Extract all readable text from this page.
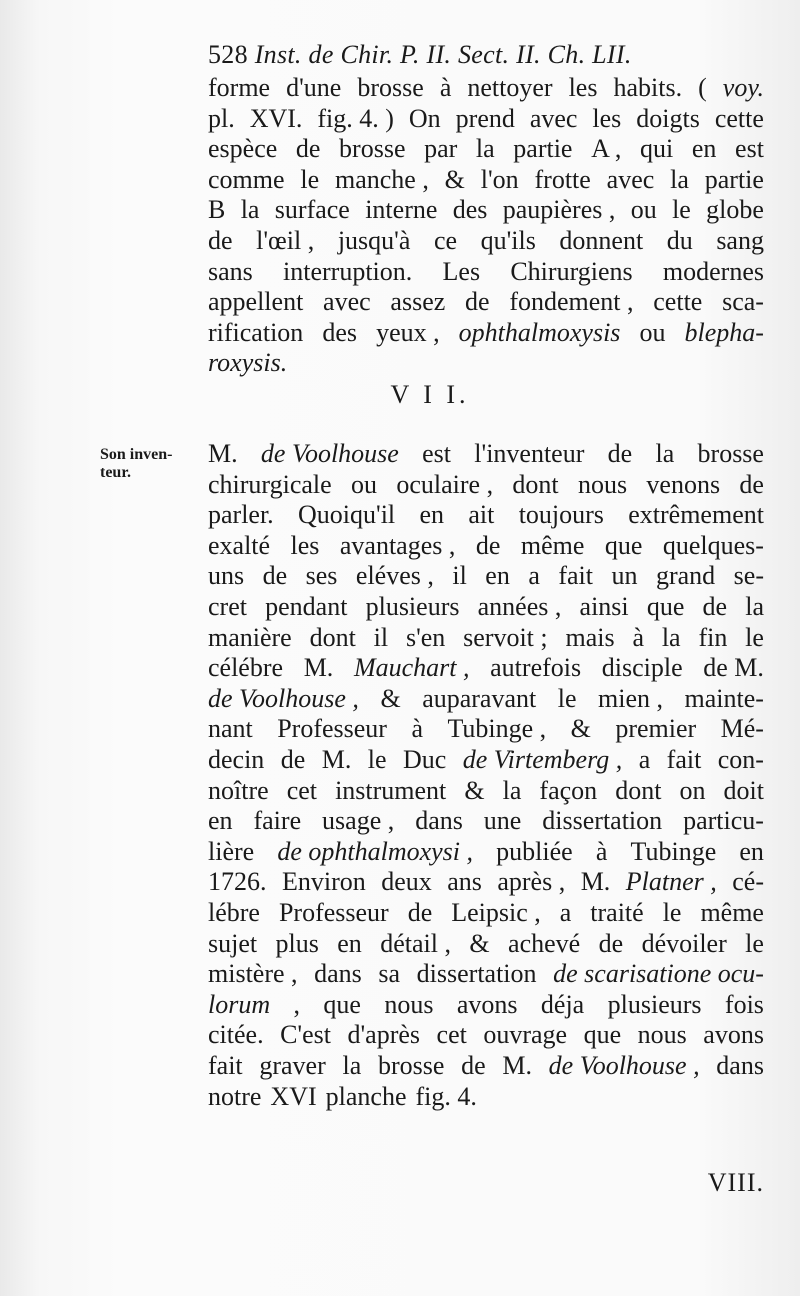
528 Inst. de Chir. P. II. Sect. II. Ch. LII.
forme d'une brosse à nettoyer les habits. ( voy.
pl. XVI. fig. 4. ) On prend avec les doigts cette
espèce de brosse par la partie A , qui en est
comme le manche , & l'on frotte avec la partie
B la surface interne des paupières , ou le globe
de l'œil , jusqu'à ce qu'ils donnent du sang
sans interruption. Les Chirurgiens modernes
appellent avec assez de fondement , cette sca-
rification des yeux , ophthalmoxysis ou blepha-
roxysis.
M. de Voolhouse est l'inventeur de la brosse
chirurgicale ou oculaire , dont nous venons de
parler. Quoiqu'il en ait toujours extrêmement
exalté les avantages , de même que quelques-
uns de ses eléves , il en a fait un grand se-
cret pendant plusieurs années , ainsi que de la
manière dont il s'en servoit ; mais à la fin le
célébre M. Mauchart , autrefois disciple de M.
de Voolhouse , & auparavant le mien , mainte-
nant Professeur à Tubinge , & premier Mé-
decin de M. le Duc de Virtemberg , a fait con-
noître cet instrument & la façon dont on doit
en faire usage , dans une dissertation particu-
lière de ophthalmoxysi , publiée à Tubinge en
1726. Environ deux ans après , M. Platner , cé-
lébre Professeur de Leipsic , a traité le même
sujet plus en détail , & achevé de dévoiler le
mistère , dans sa dissertation de scarisatione ocu-
lorum , que nous avons déja plusieurs fois
citée. C'est d'après cet ouvrage que nous avons
fait graver la brosse de M. de Voolhouse , dans
notre XVI planche fig. 4.
V I I.
Son inven-
teur.
VIII.
